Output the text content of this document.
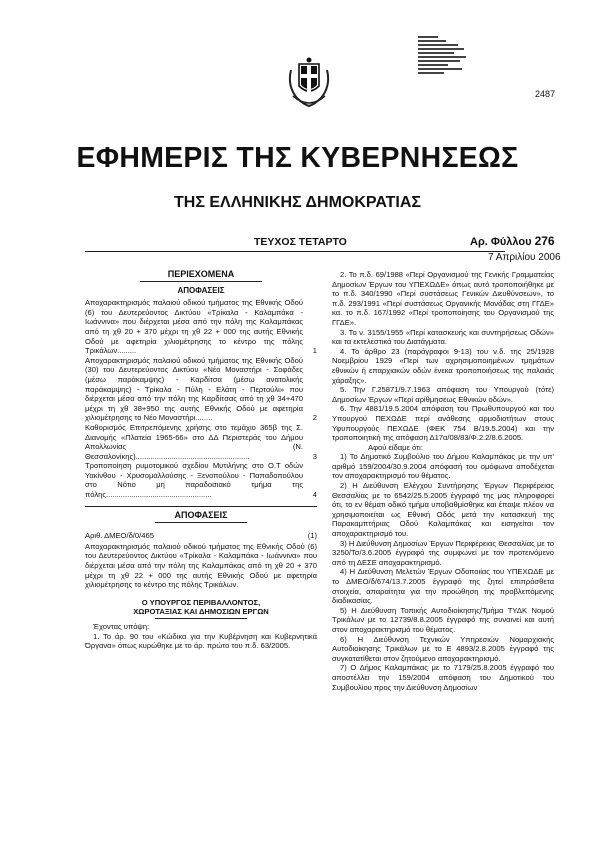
2487
ΕΦΗΜΕΡΙΣ ΤΗΣ ΚΥΒΕΡΝΗΣΕΩΣ
ΤΗΣ ΕΛΛΗΝΙΚΗΣ ΔΗΜΟΚΡΑΤΙΑΣ
ΤΕΥΧΟΣ ΤΕΤΑΡΤΟ	Αρ. Φύλλου 276
7 Απριλίου 2006
ΠΕΡΙΕΧΟΜΕΝΑ
ΑΠΟΦΑΣΕΙΣ
Αποχαρακτηρισμός παλαιού οδικού τμήματος της Εθνικής Οδού (6) του Δευτερεύοντος Δικτύου «Τρίκαλα - Καλαμπάκα - Ιωάννινα» που διέρχεται μέσα από την πόλη της Καλαμπάκας από τη χθ 20 + 370 μέχρι τη χθ 22 + 000 της αυτής Εθνικής Οδού με αφετηρία χιλιομέτρησης το κέντρο της πόλης Τρικάλων.........	1
Αποχαρακτηρισμός παλαιού οδικού τμήματος της Εθνικής Οδού (30) του Δευτερεύοντος Δικτύου «Νέο Μοναστήρι - Σοφάδες (μέσω παράκαμψης) - Καρδίτσα (μέσω ανατολικής παράκαμψης) - Τρίκαλα - Πύλη - Ελάτη - Περτούλι» που διέρχεται μέσα από την πόλη της Καρδίτσας από τη χθ 34+470 μέχρι τη χθ 38+950 της αυτής Εθνικής Οδού με αφετηρία χιλιομέτρησης το Νέο Μοναστήρι........	2
Καθορισμός Επιτρεπόμενης χρήσης στο τεμάχιο 365β της Σ. Διανομής «Πλατεία 1965-66» στο ΔΔ Περιστεράς του Δήμου Απολλωνίας (Ν. Θεσσαλονίκης)......................................................	3
Τροποποίηση ρυμοτομικού σχεδίου Μυτιλήνης στο Ο.Τ οδών Υακίνθου - Χρυσομαλλούσης - Ξενοπούλου - Παπαδοπούλου στο Νότιο μη παραδοσιακό τμήμα της πόλης..................................................	4
ΑΠΟΦΑΣΕΙΣ
Αριθ. ΔΜΕΟ/δ/0/465	(1)
Αποχαρακτηρισμός παλαιού οδικού τμήματος της Εθνικής Οδού (6) του Δευτερεύοντος Δικτύου «Τρίκαλα - Καλαμπάκα - Ιωάννινα» που διέρχεται μέσα από την πόλη της Καλαμπάκας από τη χθ 20 + 370 μέχρι τη χθ 22 + 000 της αυτής Εθνικής Οδού με αφετηρία χιλιομέτρησης το κέντρο της πόλης Τρικάλων.
Ο ΥΠΟΥΡΓΟΣ ΠΕΡΙΒΑΛΛΟΝΤΟΣ,
ΧΩΡΟΤΑΞΙΑΣ ΚΑΙ ΔΗΜΟΣΙΩΝ ΕΡΓΩΝ
Έχοντας υπόψη:
1. Το άρ. 90 του «Κώδικα για την Κυβέρνηση και Κυβερνητικά Όργανα» όπως κυρώθηκε με το άρ. πρώτο του π.δ. 63/2005.
2. Το π.δ. 69/1988 «Περί Οργανισμού της Γενικής Γραμματείας Δημοσίων Έργων του ΥΠΕΧΩΔΕ» όπως αυτό τροποποιήθηκε με το π.δ. 340/1990 «Περί συστάσεως Γενικών Διευθύνσεων», το π.δ. 293/1991 «Περί συστάσεως Οργανικής Μονάδας στη ΓΓΔΕ» κα. το π.δ. 167/1992 «Περί τροποποίησης του Οργανισμού της ΓΓΔΕ».
3. Το ν. 3155/1955 «Περί κατασκευής και συντηρήσεως Οδών» και τα εκτελεστικά του Διατάγματα.
4. Το άρθρο 23 (παράγραφοι 9-13) του ν.δ. της 25/1928 Νοεμβρίου 1929 «Περί των αχρησιμοποιημένων τμημάτων εθνικών ή επαρχιακών οδών ένεκα τροποποιήσεως της παλαιάς χάραξης».
5. Την Γ.25871/9.7.1963 απόφαση του Υπουργού (τότε) Δημοσίων Έργων «Περί αρίθμησεως Εθνικών οδών».
6. Την 4881/19.5.2004 απόφαση του Πρωθυπουργού και του Υπουργού ΠΕΧΩΔΕ περί ανάθεσης αρμοδιοτήτων στους Υφυπουργούς ΠΕΧΩΔΕ (ΦΕΚ 754 Β/19.5.2004) και την τροποποιητική της απόφαση Δ17α/08/83/Φ.2.2/8.6.2005.
Αφού είδαμε ότι:
1) Το Δημοτικό Συμβούλιο του Δήμου Καλαμπάκας με την υπ' αριθμό 159/2004/30.9.2004 απόφασή του ομόφωνα αποδέχεται τον αποχαρακτηρισμό του θέματος.
2) Η Διεύθυνση Ελέγχου Συντήρησης Έργων Περιφέρειας Θεσσαλίας με το 6542/25.5.2005 έγγραφό της μας πληροφορεί ότι, το εν θέματι οδικό τμήμα υποβαθμίσθηκε και έπαψε πλέον να χρησιμοποιείται ως Εθνική Οδός μετά την κατασκευή της Παρακαμπτήριας Οδού Καλαμπάκας και εισηγείται τον αποχαρακτηρισμό του.
3) Η Διεύθυνση Δημοσίων Έργων Περιφέρειας Θεσσαλίας με το 3250/Τσ/3.6.2005 έγγραφό της συμφωνεί με τον προτεινόμενο από τη ΔΕΣΕ αποχαρακτηρισμό.
4) Η Διεύθυνση Μελετών Έργων Οδοποιίας του ΥΠΕΧΩΔΕ με το ΔΜΕΟ/δ/674/13.7.2005 έγγραφό της ζητεί επιπρόσθετα στοιχεία, απαραίτητα για την προώθηση της προβλεπόμενης διαδικασίας.
5) Η Διεύθυνση Τοπικής Αυτοδιοίκησης/Τμήμα ΤΥΔΚ Νομού Τρικάλων με το 12739/8.8.2005 έγγραφό της συναινεί και αυτή στον αποχαρακτηρισμό του θέματος.
6) Η Διεύθυνση Τεχνικών Υπηρεσιών Νομαρχιακής Αυτοδιοίκησης Τρικάλων με το Ε 4893/2.8.2005 έγγραφό της συγκατατίθεται στον ζητούμενο αποχαρακτηρισμό.
7) Ο Δήμος Καλαμπάκας με το 7179/25.8.2005 έγγραφό του αποστέλλει την 159/2004 απόφαση του Δημοτικού του Συμβουλίου προς την Διεύθυνση Δημοσίων
